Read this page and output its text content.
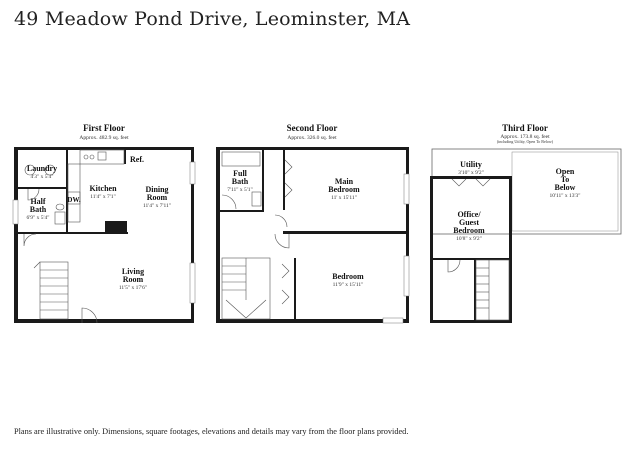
49 Meadow Pond Drive, Leominster, MA
First Floor
Approx. 482.9 sq. feet
Laundry
4'3" x 5'4"
Half
Bath
6'9" x 5'4"
Kitchen
11'4" x 7'1"
Dining
Room
11'4" x 7'11"
Living
Room
11'5" x 17'6"
Ref.
DW.
Second Floor
Approx. 326.0 sq. feet
Full
Bath
7'11" x 5'1"
Main
Bedroom
11' x 15'11"
Bedroom
11'9" x 15'11"
Third Floor
Approx. 173.8 sq. feet
(including Utility, Open To Below)
Utility
3'10" x 9'2"
Office/
Guest
Bedroom
10'8" x 9'2"
Open
To
Below
10'11" x 13'3"
Plans are illustrative only. Dimensions, square footages, elevations and details may vary from the floor plans provided.
